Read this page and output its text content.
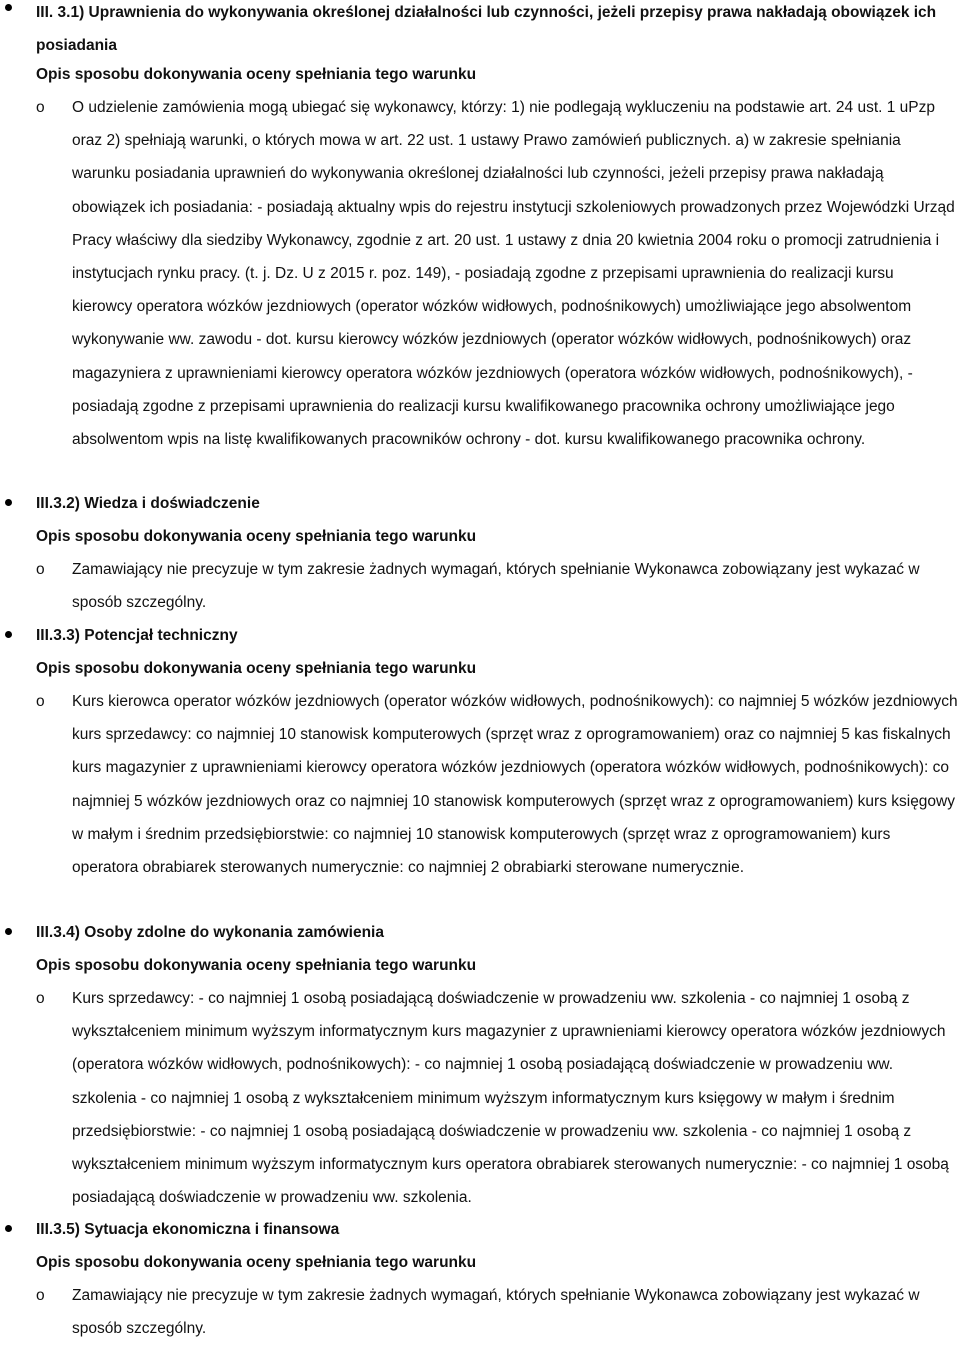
III. 3.1) Uprawnienia do wykonywania określonej działalności lub czynności, jeżeli przepisy prawa nakładają obowiązek ich posiadania
Opis sposobu dokonywania oceny spełniania tego warunku
o O udzielenie zamówienia mogą ubiegać się wykonawcy, którzy: 1) nie podlegają wykluczeniu na podstawie art. 24 ust. 1 uPzp oraz 2) spełniają warunki, o których mowa w art. 22 ust. 1 ustawy Prawo zamówień publicznych. a) w zakresie spełniania warunku posiadania uprawnień do wykonywania określonej działalności lub czynności, jeżeli przepisy prawa nakładają obowiązek ich posiadania: - posiadają aktualny wpis do rejestru instytucji szkoleniowych prowadzonych przez Wojewódzki Urząd Pracy właściwy dla siedziby Wykonawcy, zgodnie z art. 20 ust. 1 ustawy z dnia 20 kwietnia 2004 roku o promocji zatrudnienia i instytucjach rynku pracy. (t. j. Dz. U z 2015 r. poz. 149), - posiadają zgodne z przepisami uprawnienia do realizacji kursu kierowcy operatora wózków jezdniowych (operator wózków widłowych, podnośnikowych) umożliwiające jego absolwentom wykonywanie ww. zawodu - dot. kursu kierowcy wózków jezdniowych (operator wózków widłowych, podnośnikowych) oraz magazyniera z uprawnieniami kierowcy operatora wózków jezdniowych (operatora wózków widłowych, podnośnikowych), - posiadają zgodne z przepisami uprawnienia do realizacji kursu kwalifikowanego pracownika ochrony umożliwiające jego absolwentom wpis na listę kwalifikowanych pracowników ochrony - dot. kursu kwalifikowanego pracownika ochrony.

III.3.2) Wiedza i doświadczenie
Opis sposobu dokonywania oceny spełniania tego warunku
o Zamawiający nie precyzuje w tym zakresie żadnych wymagań, których spełnianie Wykonawca zobowiązany jest wykazać w sposób szczególny.

III.3.3) Potencjał techniczny
Opis sposobu dokonywania oceny spełniania tego warunku
o Kurs kierowca operator wózków jezdniowych (operator wózków widłowych, podnośnikowych): co najmniej 5 wózków jezdniowych kurs sprzedawcy: co najmniej 10 stanowisk komputerowych (sprzęt wraz z oprogramowaniem) oraz co najmniej 5 kas fiskalnych kurs magazynier z uprawnieniami kierowcy operatora wózków jezdniowych (operatora wózków widłowych, podnośnikowych): co najmniej 5 wózków jezdniowych oraz co najmniej 10 stanowisk komputerowych (sprzęt wraz z oprogramowaniem) kurs księgowy w małym i średnim przedsiębiorstwie: co najmniej 10 stanowisk komputerowych (sprzęt wraz z oprogramowaniem) kurs operatora obrabiarek sterowanych numerycznie: co najmniej 2 obrabiarki sterowane numerycznie.

III.3.4) Osoby zdolne do wykonania zamówienia
Opis sposobu dokonywania oceny spełniania tego warunku
o Kurs sprzedawcy: - co najmniej 1 osobą posiadającą doświadczenie w prowadzeniu ww. szkolenia - co najmniej 1 osobą z wykształceniem minimum wyższym informatycznym kurs magazynier z uprawnieniami kierowcy operatora wózków jezdniowych (operatora wózków widłowych, podnośnikowych): - co najmniej 1 osobą posiadającą doświadczenie w prowadzeniu ww. szkolenia - co najmniej 1 osobą z wykształceniem minimum wyższym informatycznym kurs księgowy w małym i średnim przedsiębiorstwie: - co najmniej 1 osobą posiadającą doświadczenie w prowadzeniu ww. szkolenia - co najmniej 1 osobą z wykształceniem minimum wyższym informatycznym kurs operatora obrabiarek sterowanych numerycznie: - co najmniej 1 osobą posiadającą doświadczenie w prowadzeniu ww. szkolenia.

III.3.5) Sytuacja ekonomiczna i finansowa
Opis sposobu dokonywania oceny spełniania tego warunku
o Zamawiający nie precyzuje w tym zakresie żadnych wymagań, których spełnianie Wykonawca zobowiązany jest wykazać w sposób szczególny.
